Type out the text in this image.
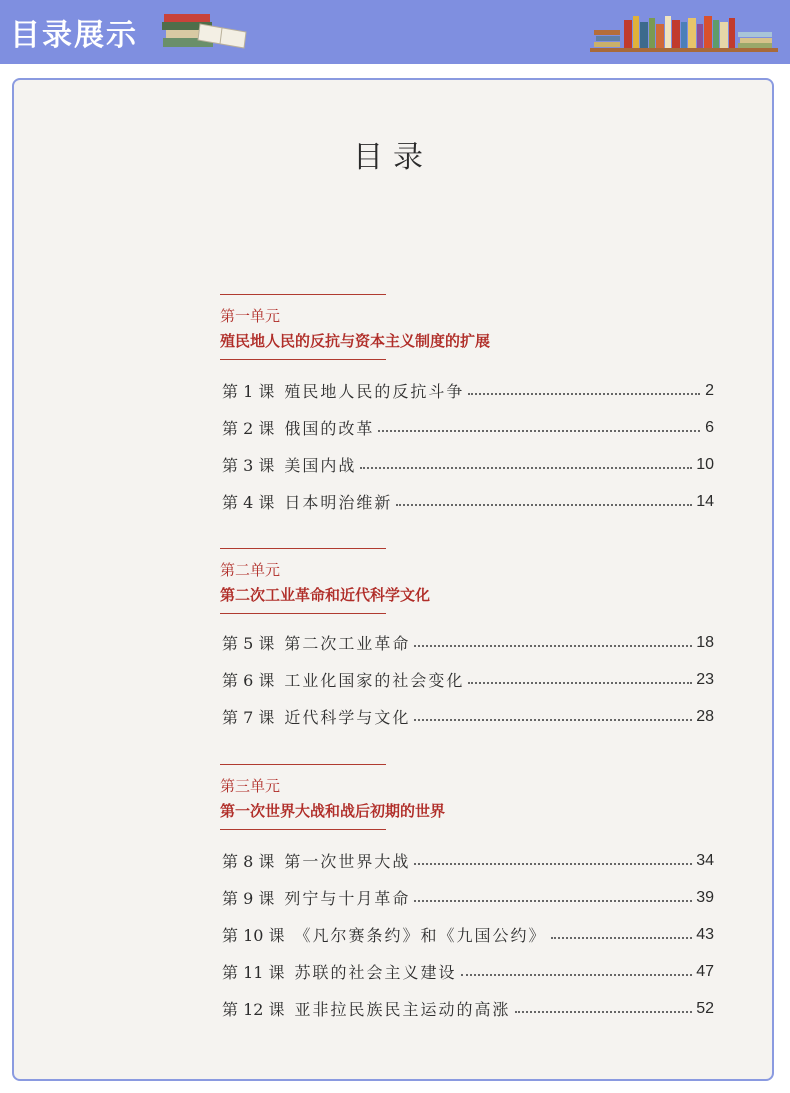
目录展示
目录
第一单元
殖民地人民的反抗与资本主义制度的扩展
第 1 课 殖民地人民的反抗斗争	2
第 2 课 俄国的改革	6
第 3 课 美国内战	10
第 4 课 日本明治维新	14
第二单元
第二次工业革命和近代科学文化
第 5 课 第二次工业革命	18
第 6 课 工业化国家的社会变化	23
第 7 课 近代科学与文化	28
第三单元
第一次世界大战和战后初期的世界
第 8 课 第一次世界大战	34
第 9 课 列宁与十月革命	39
第 10 课 《凡尔赛条约》和《九国公约》	43
第 11 课 苏联的社会主义建设	47
第 12 课 亚非拉民族民主运动的高涨	52
